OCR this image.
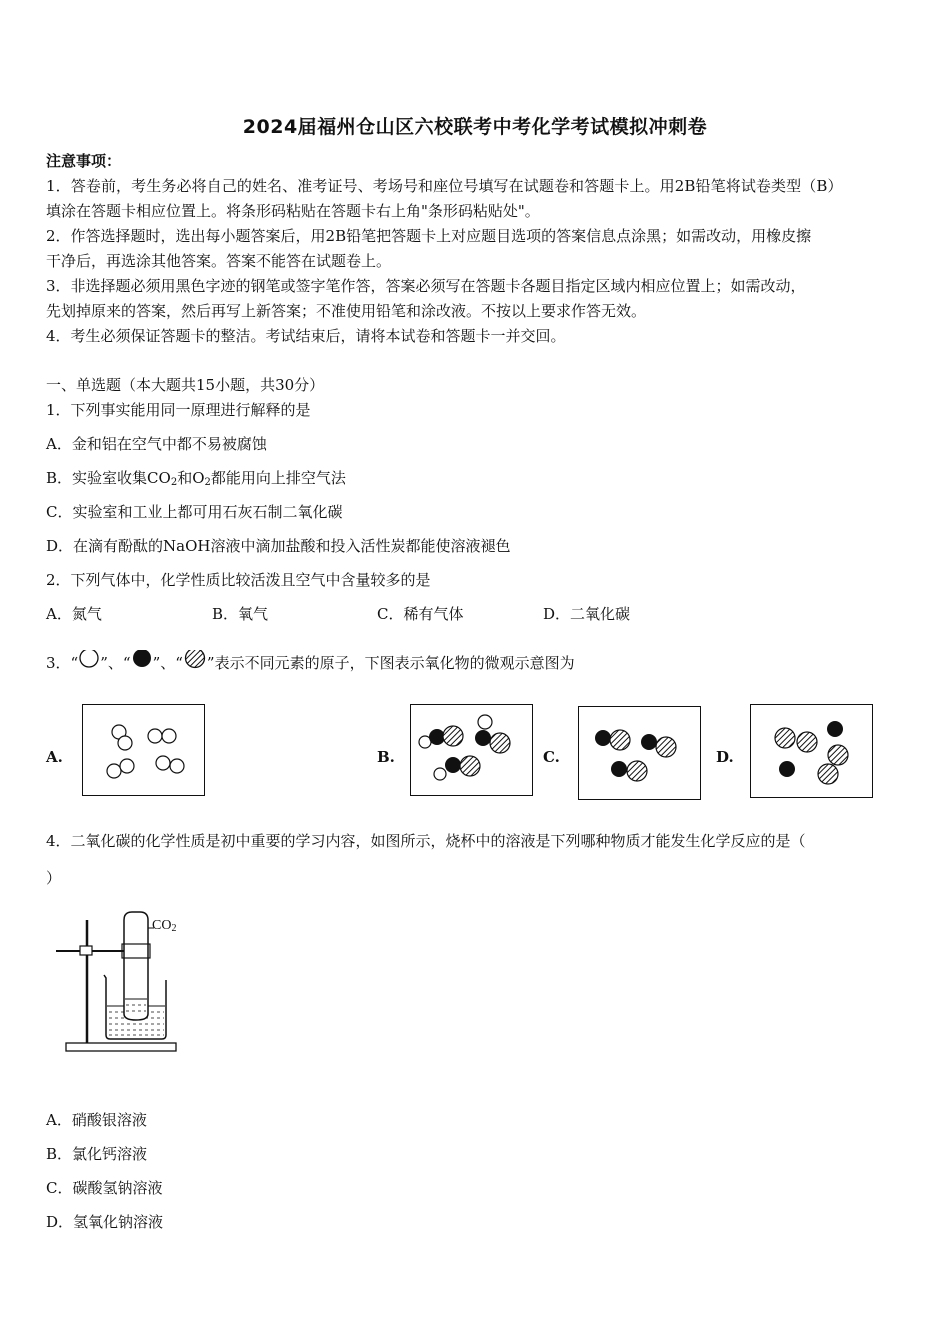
2024届福州仓山区六校联考中考化学考试模拟冲刺卷
注意事项：
1．答卷前，考生务必将自己的姓名、准考证号、考场号和座位号填写在试题卷和答题卡上。用2B铅笔将试卷类型（B）
填涂在答题卡相应位置上。将条形码粘贴在答题卡右上角"条形码粘贴处"。
2．作答选择题时，选出每小题答案后，用2B铅笔把答题卡上对应题目选项的答案信息点涂黑；如需改动，用橡皮擦
干净后，再选涂其他答案。答案不能答在试题卷上。
3．非选择题必须用黑色字迹的钢笔或签字笔作答，答案必须写在答题卡各题目指定区域内相应位置上；如需改动，
先划掉原来的答案，然后再写上新答案；不准使用铅笔和涂改液。不按以上要求作答无效。
4．考生必须保证答题卡的整洁。考试结束后，请将本试卷和答题卡一并交回。
一、单选题（本大题共15小题，共30分）
1．下列事实能用同一原理进行解释的是
A．金和铝在空气中都不易被腐蚀
B．实验室收集$CO_2$和$O_2$都能用向上排空气法
C．实验室和工业上都可用石灰石制二氧化碳
D．在滴有酚酞的NaOH溶液中滴加盐酸和投入活性炭都能使溶液褪色
2．下列气体中，化学性质比较活泼且空气中含量较多的是
A．氮气	B．氧气	C．稀有气体	D．二氧化碳
3．“ ”、“ ”、“ ”表示不同元素的原子，下图表示氧化物的微观示意图为
A.	B.	C.	D.
4．二氧化碳的化学性质是初中重要的学习内容，如图所示，烧杯中的溶液是下列哪种物质才能发生化学反应的是（
）
$CO_2$
A．硝酸银溶液
B．氯化钙溶液
C．碳酸氢钠溶液
D．氢氧化钠溶液
